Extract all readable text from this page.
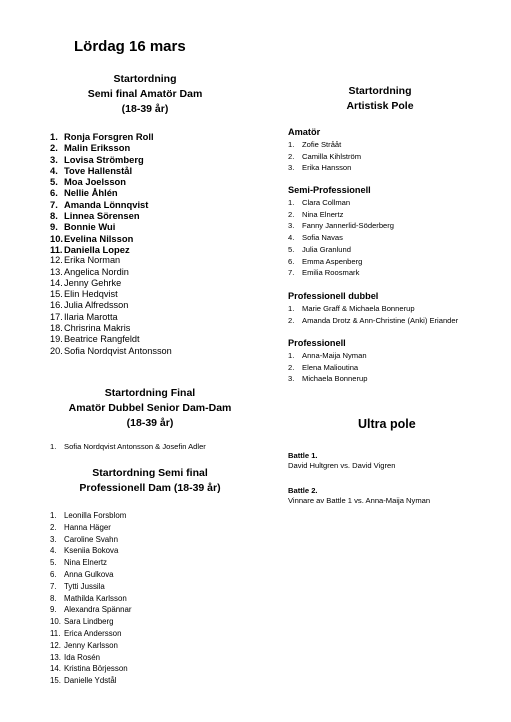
Lördag 16 mars
Startordning
Semi final Amatör Dam
(18-39 år)
1. Ronja Forsgren Roll
2. Malin Eriksson
3. Lovisa Strömberg
4. Tove Hallenstål
5. Moa Joelsson
6. Nellie Åhlén
7. Amanda Lönnqvist
8. Linnea Sörensen
9. Bonnie Wui
10. Evelina Nilsson
11. Daniella Lopez
12. Erika Norman
13. Angelica Nordin
14. Jenny Gehrke
15. Elin Hedqvist
16. Julia Alfredsson
17. Ilaria Marotta
18. Chrisrina Makris
19. Beatrice Rangfeldt
20. Sofia Nordqvist Antonsson
Startordning Final
Amatör Dubbel Senior Dam-Dam
(18-39 år)
1. Sofia Nordqvist Antonsson & Josefin Adler
Startordning Semi final
Professionell Dam (18-39 år)
1. Leonilla Forsblom
2. Hanna Häger
3. Caroline Svahn
4. Kseniia Bokova
5. Nina Elnertz
6. Anna Gulkova
7. Tytti Jussila
8. Mathilda Karlsson
9. Alexandra Spännar
10. Sara Lindberg
11. Erica Andersson
12. Jenny Karlsson
13. Ida Rosén
14. Kristina Börjesson
15. Danielle Ydstål
Startordning
Artistisk Pole
Amatör
1. Zofie Strååt
2. Camilla Kihlström
3. Erika Hansson
Semi-Professionell
1. Clara Collman
2. Nina Elnertz
3. Fanny Jannerlid-Söderberg
4. Sofia Navas
5. Julia Granlund
6. Emma Aspenberg
7. Emilia Roosmark
Professionell dubbel
1. Marie Graff & Michaela Bonnerup
2. Amanda Drotz & Ann-Christine (Anki) Eriander
Professionell
1. Anna-Maija Nyman
2. Elena Malioutina
3. Michaela Bonnerup
Ultra pole
Battle 1.
David Hultgren vs. David Vigren
Battle 2.
Vinnare av Battle 1 vs. Anna-Maija Nyman
